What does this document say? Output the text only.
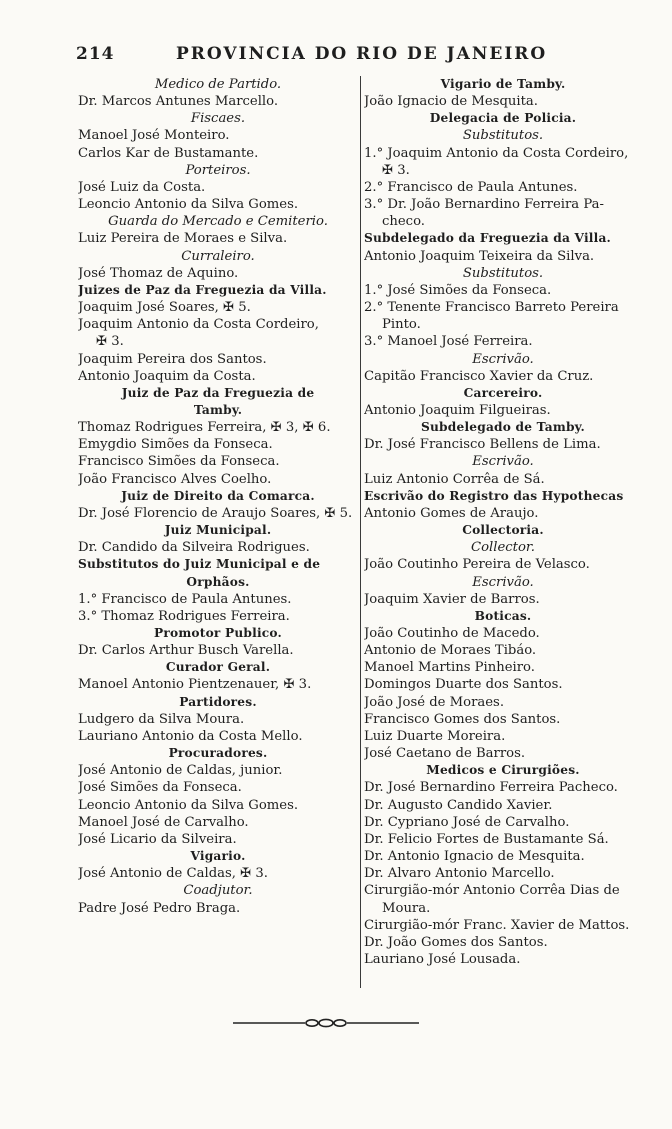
214	PROVINCIA DO RIO DE JANEIRO
Medico de Partido.
Dr. Marcos Antunes Marcello.
Fiscaes.
Manoel José Monteiro.
Carlos Kar de Bustamante.
Porteiros.
José Luiz da Costa.
Leoncio Antonio da Silva Gomes.
Guarda do Mercado e Cemiterio.
Luiz Pereira de Moraes e Silva.
Curraleiro.
José Thomaz de Aquino.
Juizes de Paz da Freguezia da Villa.
Joaquim José Soares, ✠ 5.
Joaquim Antonio da Costa Cordeiro,
✠ 3.
Joaquim Pereira dos Santos.
Antonio Joaquim da Costa.
Juiz de Paz da Freguezia de
Tamby.
Thomaz Rodrigues Ferreira, ✠ 3, ✠ 6.
Emygdio Simões da Fonseca.
Francisco Simões da Fonseca.
João Francisco Alves Coelho.
Juiz de Direito da Comarca.
Dr. José Florencio de Araujo Soares, ✠ 5.
Juiz Municipal.
Dr. Candido da Silveira Rodrigues.
Substitutos do Juiz Municipal e de
Orphãos.
1.° Francisco de Paula Antunes.
3.° Thomaz Rodrigues Ferreira.
Promotor Publico.
Dr. Carlos Arthur Busch Varella.
Curador Geral.
Manoel Antonio Pientzenauer, ✠ 3.
Partidores.
Ludgero da Silva Moura.
Lauriano Antonio da Costa Mello.
Procuradores.
José Antonio de Caldas, junior.
José Simões da Fonseca.
Leoncio Antonio da Silva Gomes.
Manoel José de Carvalho.
José Licario da Silveira.
Vigario.
José Antonio de Caldas, ✠ 3.
Coadjutor.
Padre José Pedro Braga.
Vigario de Tamby.
João Ignacio de Mesquita.
Delegacia de Policia.
Substitutos.
1.° Joaquim Antonio da Costa Cordeiro,
✠ 3.
2.° Francisco de Paula Antunes.
3.° Dr. João Bernardino Ferreira Pa-
checo.
Subdelegado da Freguezia da Villa.
Antonio Joaquim Teixeira da Silva.
Substitutos.
1.° José Simões da Fonseca.
2.° Tenente Francisco Barreto Pereira
Pinto.
3.° Manoel José Ferreira.
Escrivão.
Capitão Francisco Xavier da Cruz.
Carcereiro.
Antonio Joaquim Filgueiras.
Subdelegado de Tamby.
Dr. José Francisco Bellens de Lima.
Escrivão.
Luiz Antonio Corrêa de Sá.
Escrivão do Registro das Hypothecas
Antonio Gomes de Araujo.
Collectoria.
Collector.
João Coutinho Pereira de Velasco.
Escrivão.
Joaquim Xavier de Barros.
Boticas.
João Coutinho de Macedo.
Antonio de Moraes Tibáo.
Manoel Martins Pinheiro.
Domingos Duarte dos Santos.
João José de Moraes.
Francisco Gomes dos Santos.
Luiz Duarte Moreira.
José Caetano de Barros.
Medicos e Cirurgiões.
Dr. José Bernardino Ferreira Pacheco.
Dr. Augusto Candido Xavier.
Dr. Cypriano José de Carvalho.
Dr. Felicio Fortes de Bustamante Sá.
Dr. Antonio Ignacio de Mesquita.
Dr. Alvaro Antonio Marcello.
Cirurgião-mór Antonio Corrêa Dias de
Moura.
Cirurgião-mór Franc. Xavier de Mattos.
Dr. João Gomes dos Santos.
Lauriano José Lousada.
